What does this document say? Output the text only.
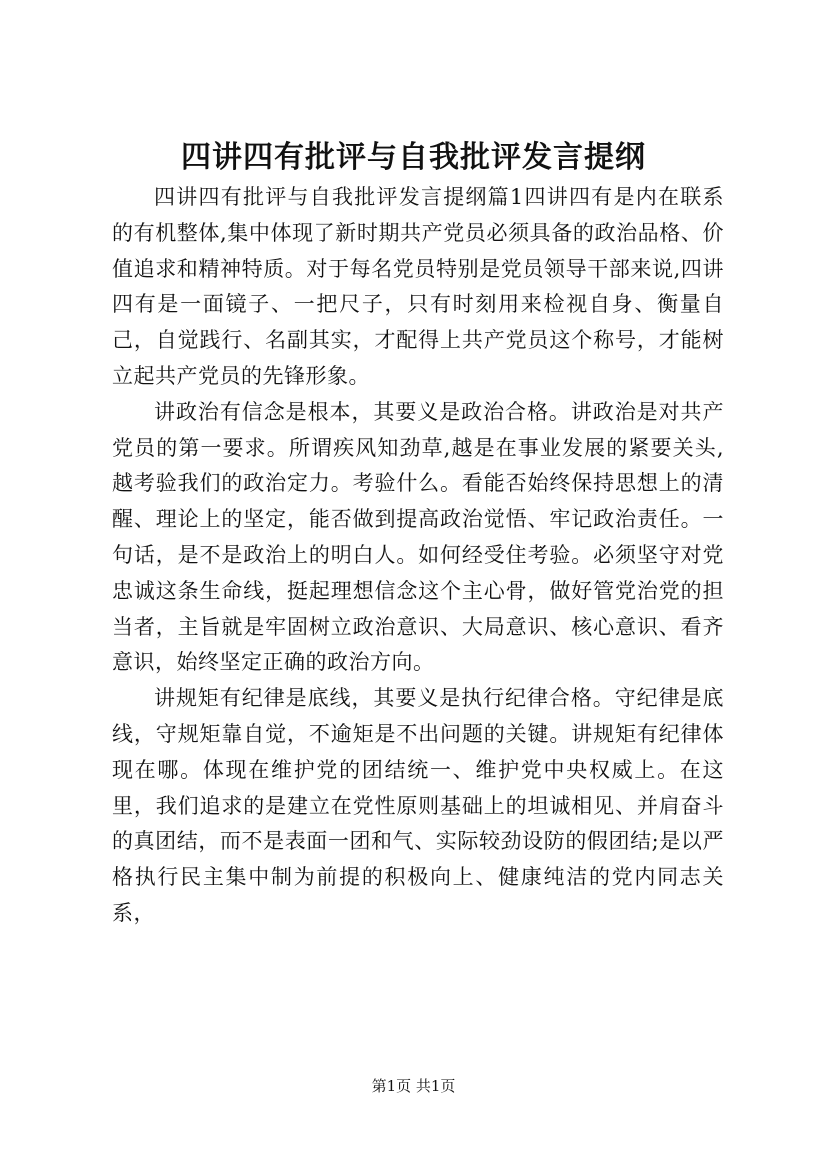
四讲四有批评与自我批评发言提纲

四讲四有批评与自我批评发言提纲篇1四讲四有是内在联系的有机整体,集中体现了新时期共产党员必须具备的政治品格、价值追求和精神特质。对于每名党员特别是党员领导干部来说,四讲四有是一面镜子、一把尺子，只有时刻用来检视自身、衡量自己，自觉践行、名副其实，才配得上共产党员这个称号，才能树立起共产党员的先锋形象。

讲政治有信念是根本，其要义是政治合格。讲政治是对共产党员的第一要求。所谓疾风知劲草,越是在事业发展的紧要关头,越考验我们的政治定力。考验什么。看能否始终保持思想上的清醒、理论上的坚定，能否做到提高政治觉悟、牢记政治责任。一句话，是不是政治上的明白人。如何经受住考验。必须坚守对党忠诚这条生命线，挺起理想信念这个主心骨，做好管党治党的担当者，主旨就是牢固树立政治意识、大局意识、核心意识、看齐意识，始终坚定正确的政治方向。

讲规矩有纪律是底线，其要义是执行纪律合格。守纪律是底线，守规矩靠自觉，不逾矩是不出问题的关键。讲规矩有纪律体现在哪。体现在维护党的团结统一、维护党中央权威上。在这里，我们追求的是建立在党性原则基础上的坦诚相见、并肩奋斗的真团结，而不是表面一团和气、实际较劲设防的假团结;是以严格执行民主集中制为前提的积极向上、健康纯洁的党内同志关系，

第1页 共1页
